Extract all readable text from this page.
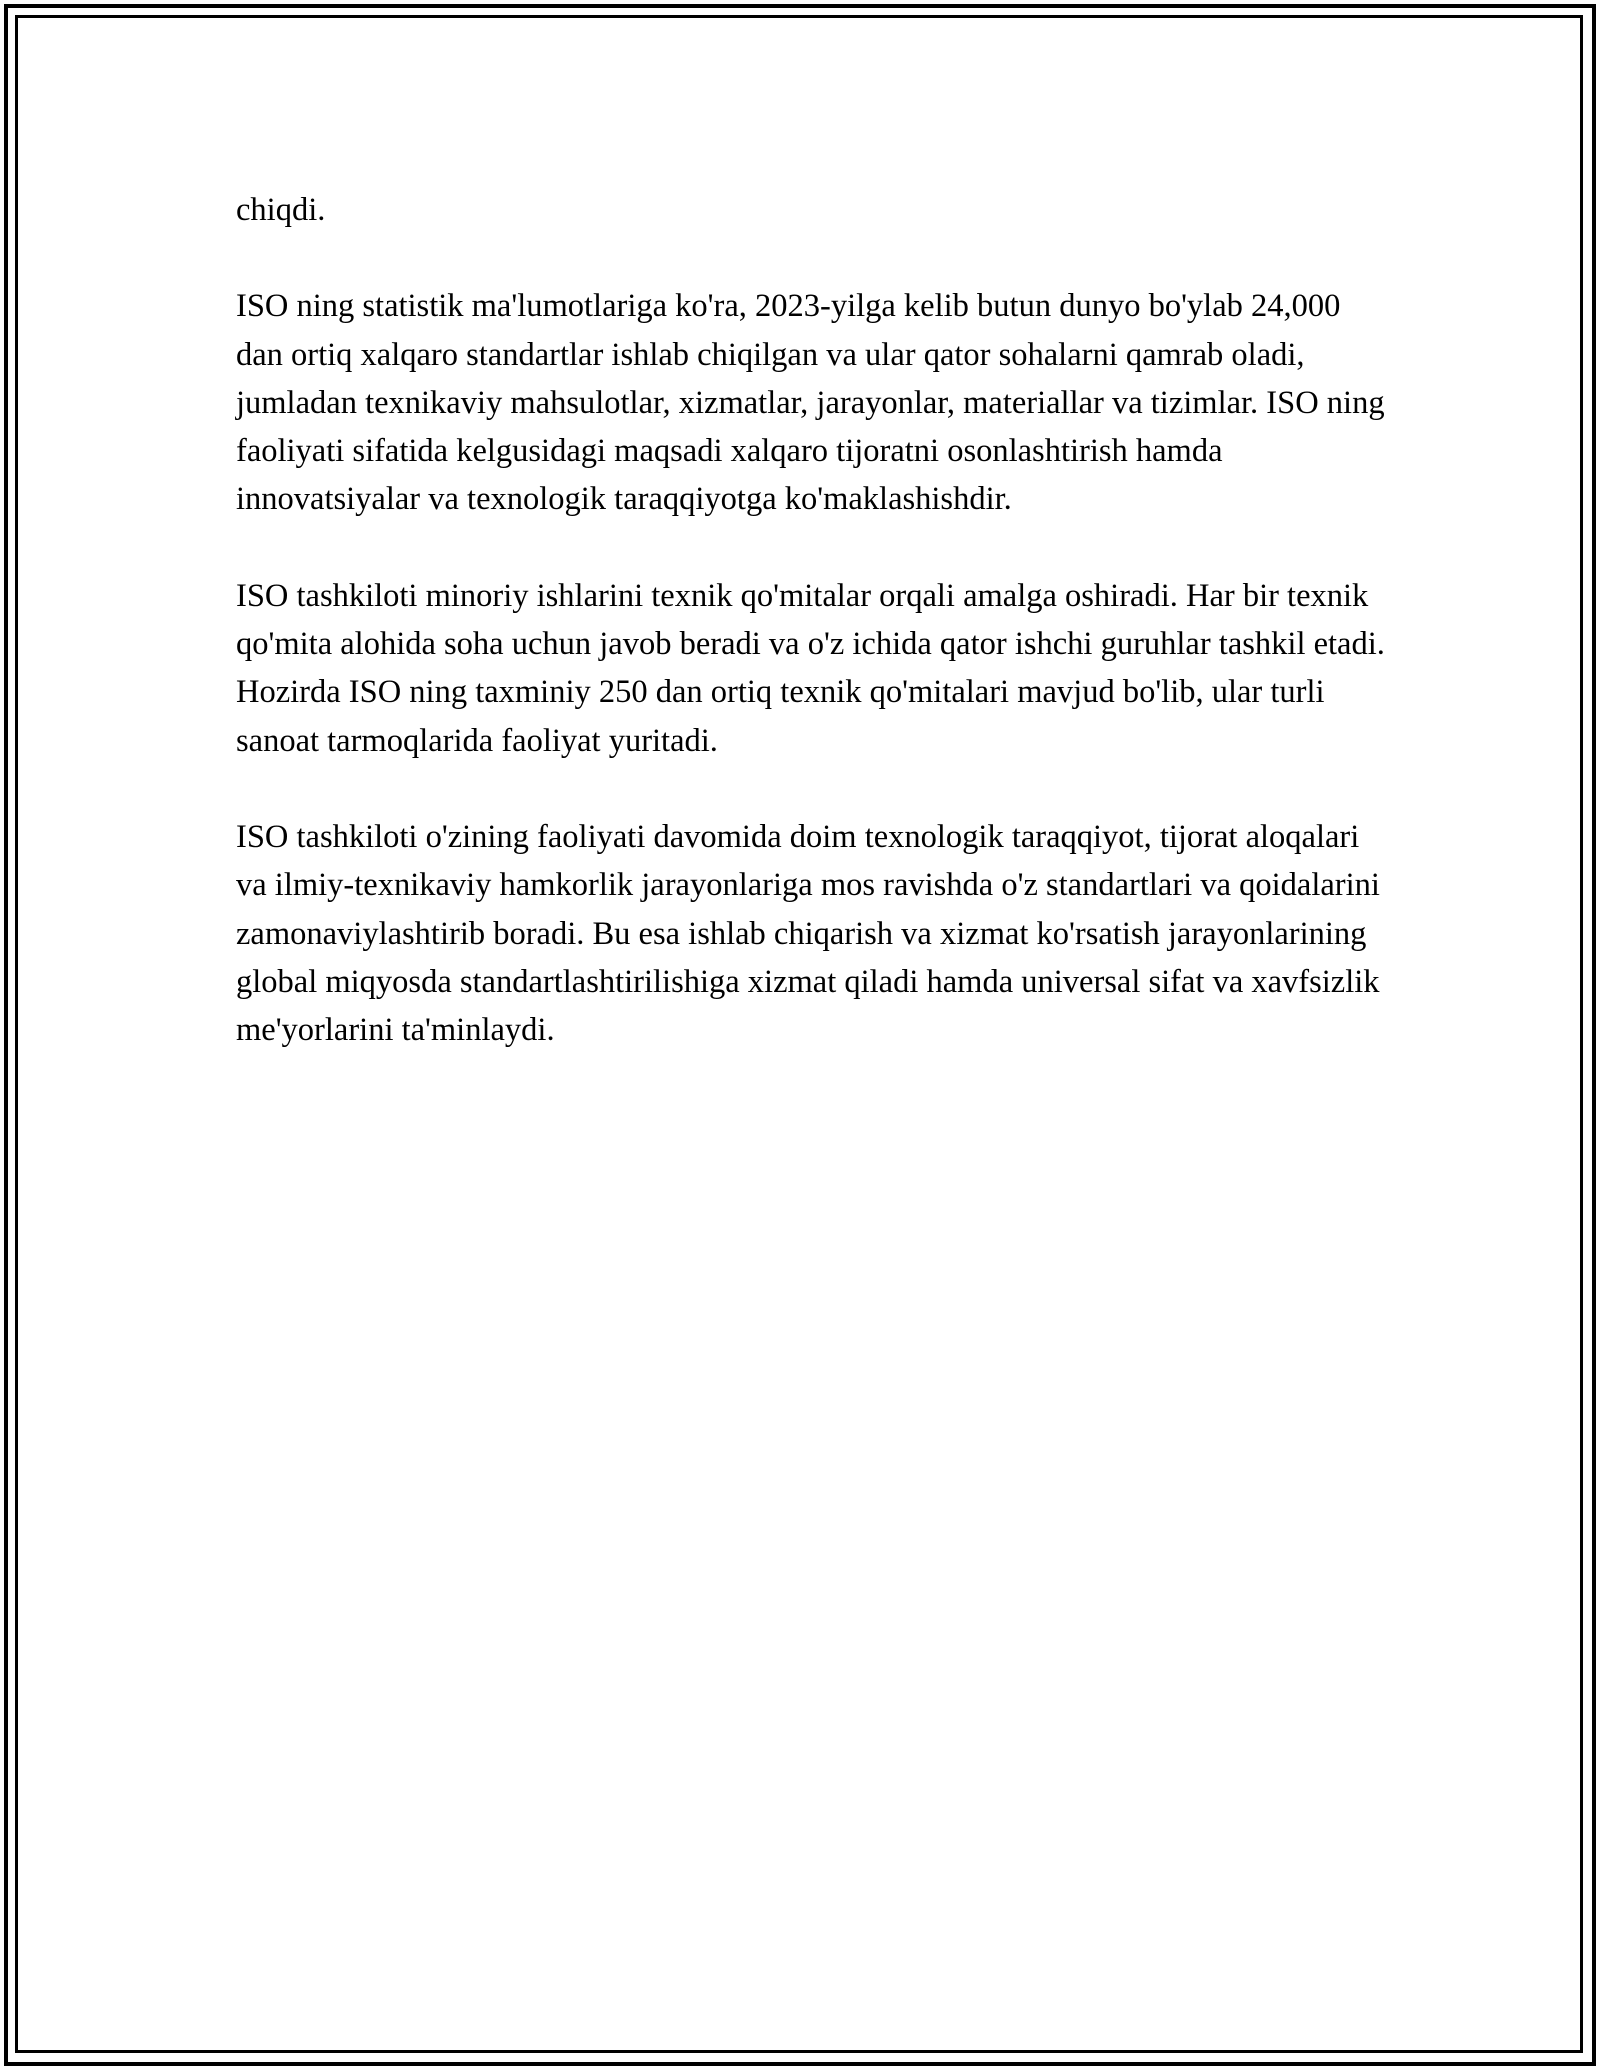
chiqdi.

ISO ning statistik ma'lumotlariga ko'ra, 2023-yilga kelib butun dunyo bo'ylab 24,000 dan ortiq xalqaro standartlar ishlab chiqilgan va ular qator sohalarni qamrab oladi, jumladan texnikaviy mahsulotlar, xizmatlar, jarayonlar, materiallar va tizimlar. ISO ning faoliyati sifatida kelgusidagi maqsadi xalqaro tijoratni osonlashtirish hamda innovatsiyalar va texnologik taraqqiyotga ko'maklashishdir.

ISO tashkiloti minoriy ishlarini texnik qo'mitalar orqali amalga oshiradi. Har bir texnik qo'mita alohida soha uchun javob beradi va o'z ichida qator ishchi guruhlar tashkil etadi. Hozirda ISO ning taxminiy 250 dan ortiq texnik qo'mitalari mavjud bo'lib, ular turli sanoat tarmoqlarida faoliyat yuritadi.

ISO tashkiloti o'zining faoliyati davomida doim texnologik taraqqiyot, tijorat aloqalari va ilmiy-texnikaviy hamkorlik jarayonlariga mos ravishda o'z standartlari va qoidalarini zamonaviylashtirib boradi. Bu esa ishlab chiqarish va xizmat ko'rsatish jarayonlarining global miqyosda standartlashtirilishiga xizmat qiladi hamda universal sifat va xavfsizlik me'yorlarini ta'minlaydi.
